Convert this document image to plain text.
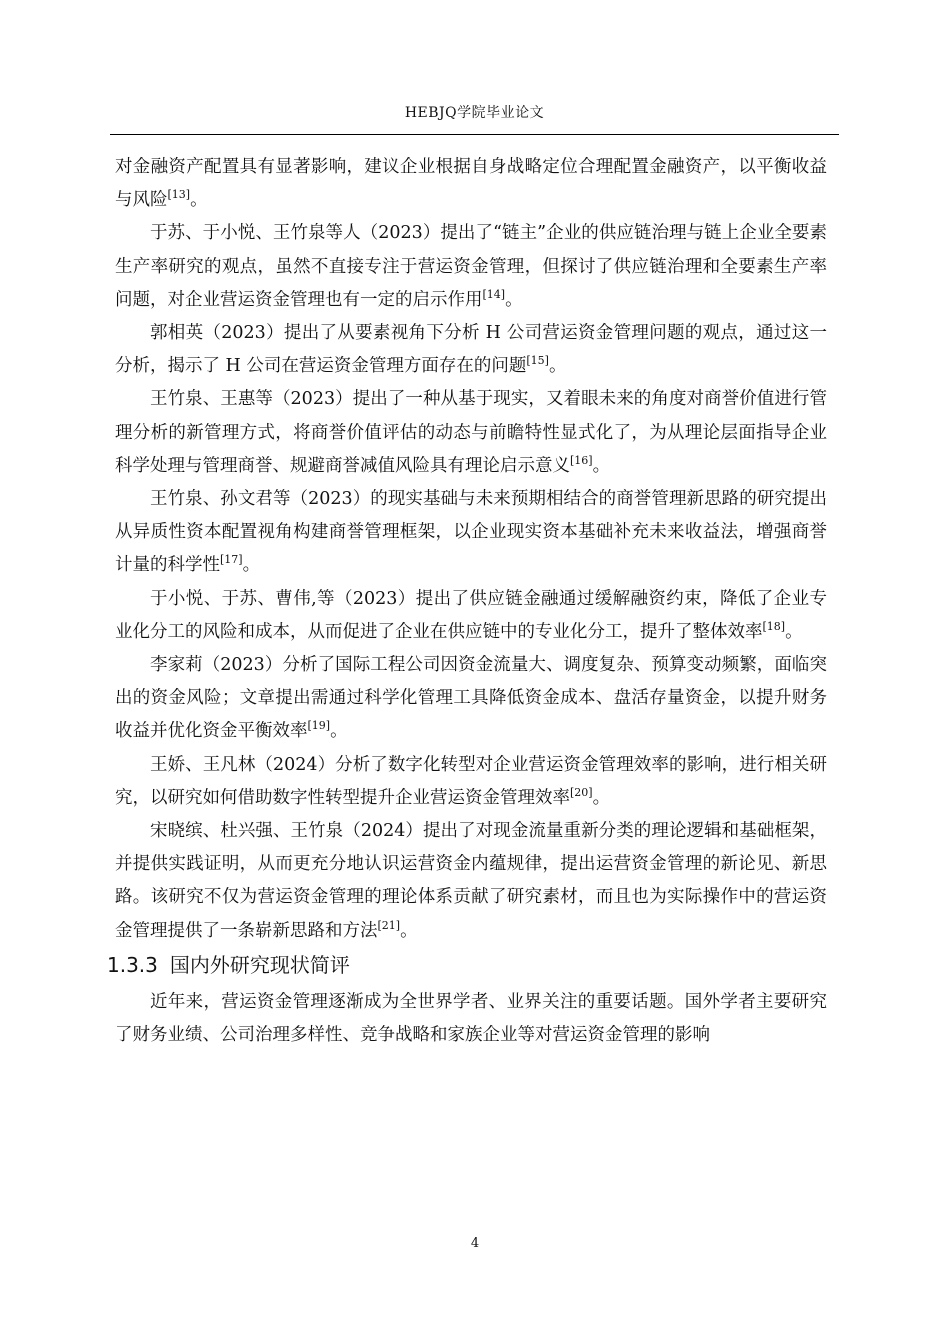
HEBJQ学院毕业论文

对金融资产配置具有显著影响，建议企业根据自身战略定位合理配置金融资产，以平衡收益与风险[13]。

于苏、于小悦、王竹泉等人（2023）提出了“链主”企业的供应链治理与链上企业全要素生产率研究的观点，虽然不直接专注于营运资金管理，但探讨了供应链治理和全要素生产率问题，对企业营运资金管理也有一定的启示作用[14]。

郭相英（2023）提出了从要素视角下分析 H 公司营运资金管理问题的观点，通过这一分析，揭示了 H 公司在营运资金管理方面存在的问题[15]。

王竹泉、王惠等（2023）提出了一种从基于现实，又着眼未来的角度对商誉价值进行管理分析的新管理方式，将商誉价值评估的动态与前瞻特性显式化了，为从理论层面指导企业科学处理与管理商誉、规避商誉减值风险具有理论启示意义[16]。

王竹泉、孙文君等（2023）的现实基础与未来预期相结合的商誉管理新思路的研究提出从异质性资本配置视角构建商誉管理框架，以企业现实资本基础补充未来收益法，增强商誉计量的科学性[17]。

于小悦、于苏、曹伟,等（2023）提出了供应链金融通过缓解融资约束，降低了企业专业化分工的风险和成本，从而促进了企业在供应链中的专业化分工，提升了整体效率[18]。

李家莉（2023）分析了国际工程公司因资金流量大、调度复杂、预算变动频繁，面临突出的资金风险；文章提出需通过科学化管理工具降低资金成本、盘活存量资金，以提升财务收益并优化资金平衡效率[19]。

王娇、王凡林（2024）分析了数字化转型对企业营运资金管理效率的影响，进行相关研究，以研究如何借助数字性转型提升企业营运资金管理效率[20]。

宋晓缤、杜兴强、王竹泉（2024）提出了对现金流量重新分类的理论逻辑和基础框架，并提供实践证明，从而更充分地认识运营资金内蕴规律，提出运营资金管理的新论见、新思路。该研究不仅为营运资金管理的理论体系贡献了研究素材，而且也为实际操作中的营运资金管理提供了一条崭新思路和方法[21]。

1.3.3 国内外研究现状简评

近年来，营运资金管理逐渐成为全世界学者、业界关注的重要话题。国外学者主要研究了财务业绩、公司治理多样性、竞争战略和家族企业等对营运资金管理的影响

4
